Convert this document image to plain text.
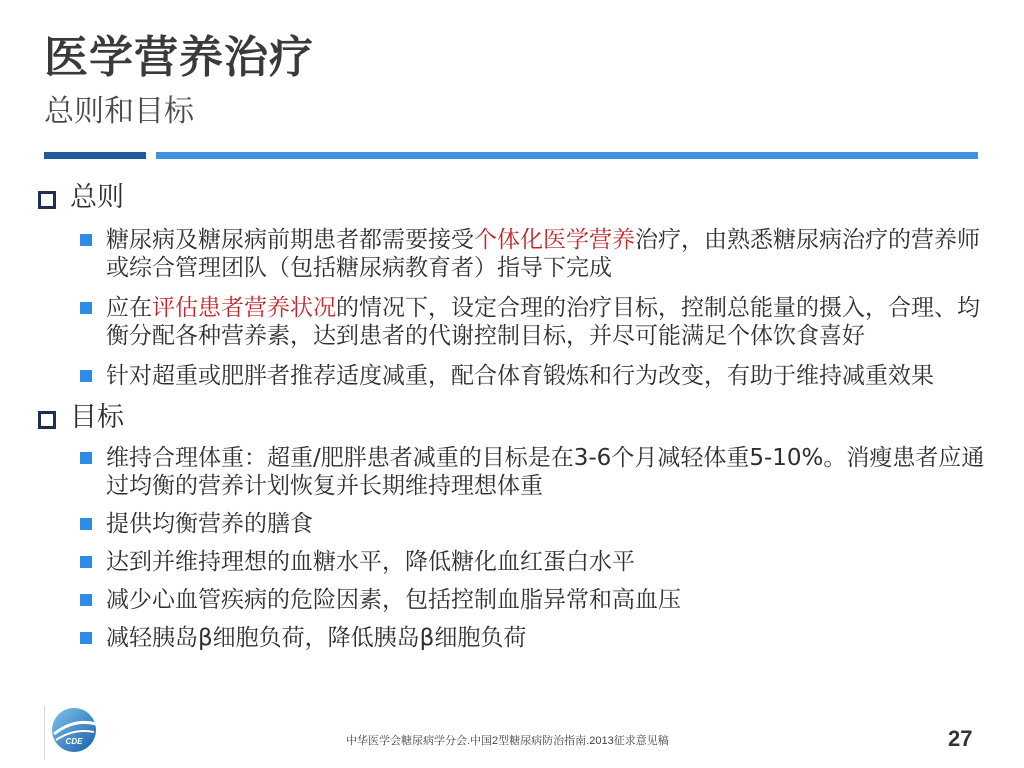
医学营养治疗
总则和目标
总则
糖尿病及糖尿病前期患者都需要接受个体化医学营养治疗，由熟悉糖尿病治疗的营养师或综合管理团队（包括糖尿病教育者）指导下完成
应在评估患者营养状况的情况下，设定合理的治疗目标，控制总能量的摄入，合理、均衡分配各种营养素，达到患者的代谢控制目标，并尽可能满足个体饮食喜好
针对超重或肥胖者推荐适度减重，配合体育锻炼和行为改变，有助于维持减重效果
目标
维持合理体重：超重/肥胖患者减重的目标是在3-6个月减轻体重5-10%。消瘦患者应通过均衡的营养计划恢复并长期维持理想体重
提供均衡营养的膳食
达到并维持理想的血糖水平，降低糖化血红蛋白水平
减少心血管疾病的危险因素，包括控制血脂异常和高血压
减轻胰岛β细胞负荷，降低胰岛β细胞负荷
CDE	中华医学会糖尿病学分会.中国2型糖尿病防治指南.2013征求意见稿	27
